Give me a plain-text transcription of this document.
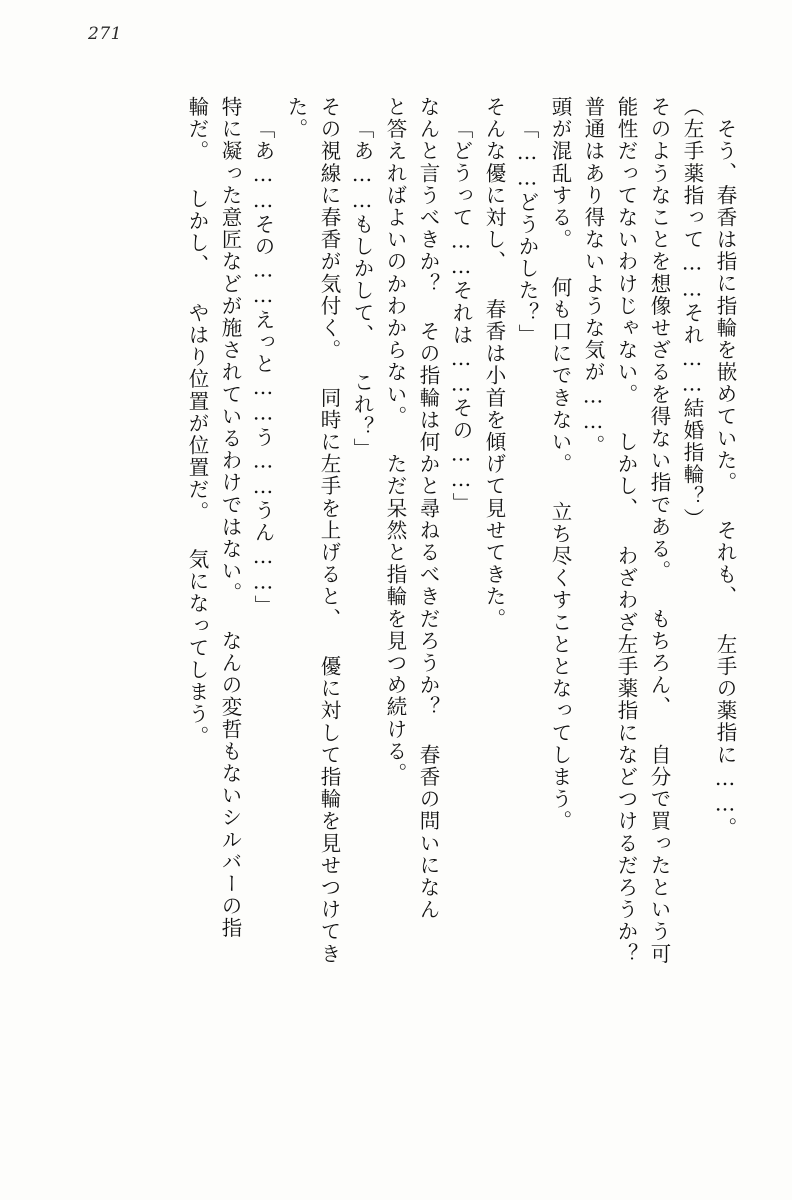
271
そう、春香は指に指輪を嵌めていた。 それも、 左手の薬指に……。
（左手薬指って……それ……結婚指輪？）
そのようなことを想像せざるを得ない指である。 もちろん、 自分で買ったという可
能性だってないわけじゃない。 しかし、 わざわざ左手薬指になどつけるだろうか？
普通はあり得ないような気が……。
頭が混乱する。 何も口にできない。 立ち尽くすこととなってしまう。
「……どうかした？」
そんな優に対し、 春香は小首を傾げて見せてきた。
「どうって……それは……その……」
なんと言うべきか？ その指輪は何かと尋ねるべきだろうか？ 春香の問いになん
と答えればよいのかわからない。 ただ呆然と指輪を見つめ続ける。
「あ……もしかして、 これ？」
その視線に春香が気付く。 同時に左手を上げると、 優に対して指輪を見せつけてき
た。
「あ……その……えっと……う……うん……」
特に凝った意匠などが施されているわけではない。 なんの変哲もないシルバーの指
輪だ。 しかし、 やはり位置が位置だ。 気になってしまう。
